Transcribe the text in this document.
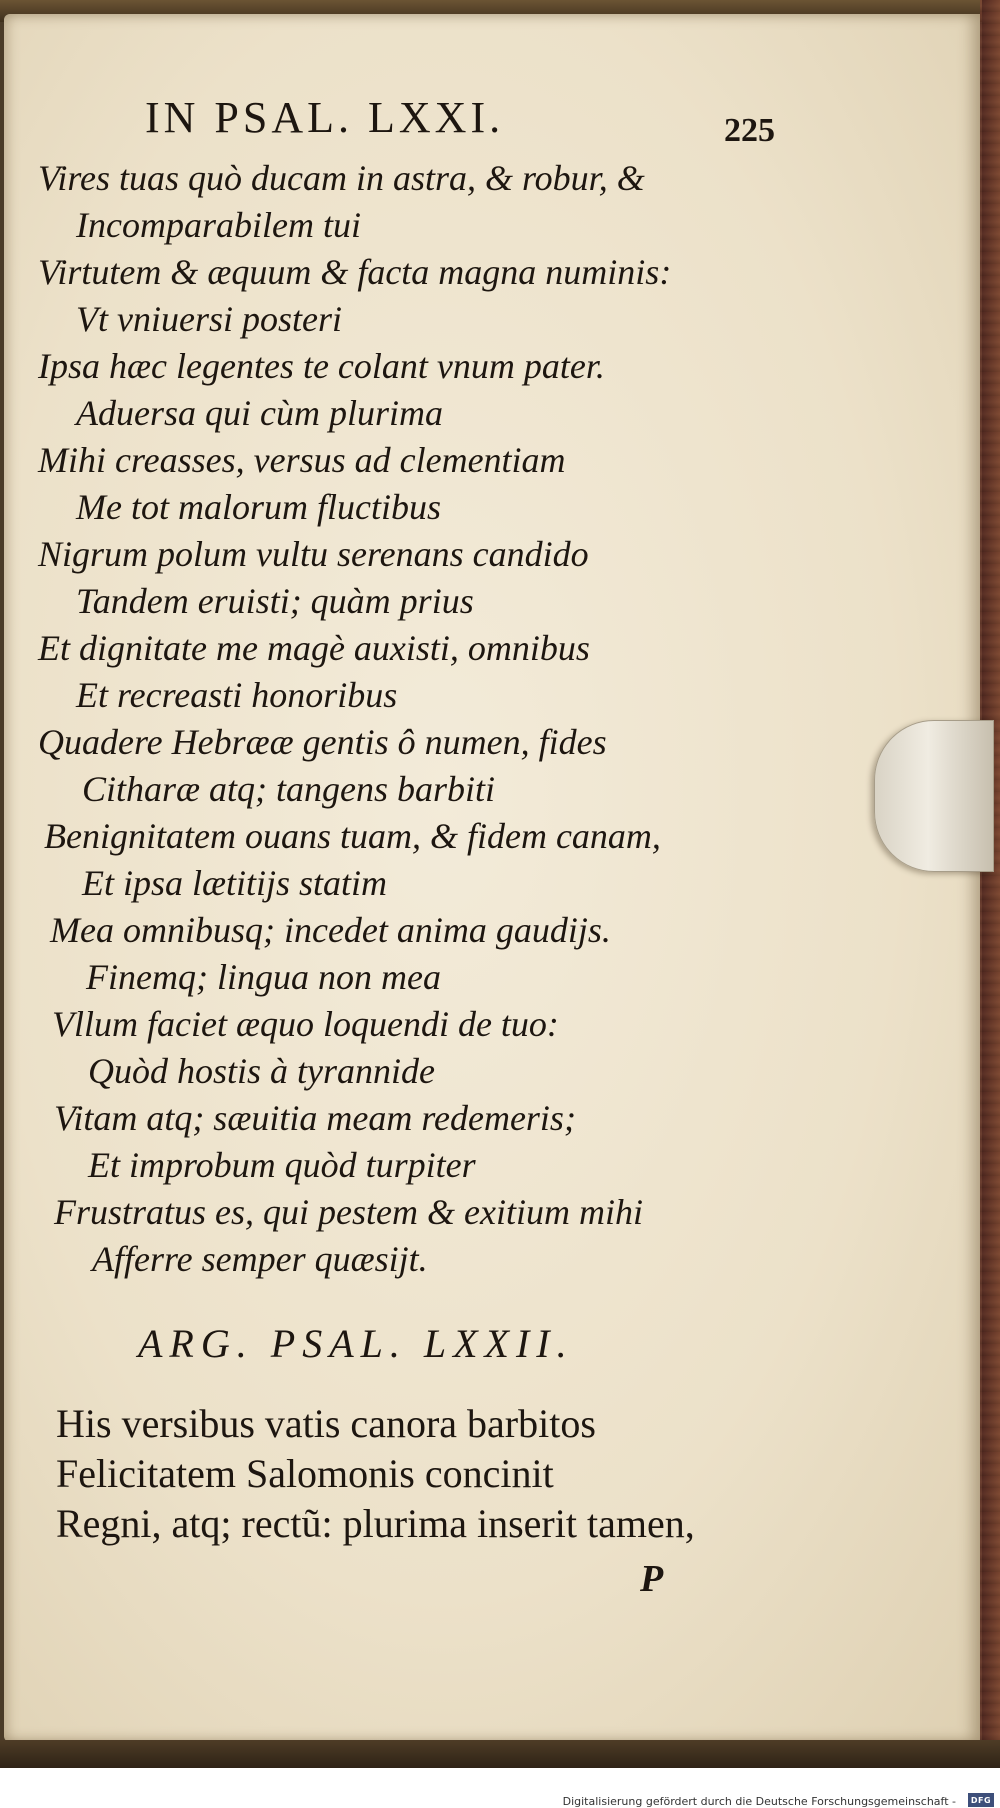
IN PSAL. LXXI.	225
Vires tuas quò ducam in astra, & robur, &
Incomparabilem tui
Virtutem & æquum & facta magna numinis:
Vt vniuersi posteri
Ipsa hæc legentes te colant vnum pater.
Aduersa qui cùm plurima
Mihi creasses, versus ad clementiam
Me tot malorum fluctibus
Nigrum polum vultu serenans candido
Tandem eruisti; quàm prius
Et dignitate me magè auxisti, omnibus
Et recreasti honoribus
Quadere Hebrææ gentis ô numen, fides
Citharæ atq; tangens barbiti
Benignitatem ouans tuam, & fidem canam,
Et ipsa lætitijs statim
Mea omnibusq; incedet anima gaudijs.
Finemq; lingua non mea
Vllum faciet æquo loquendi de tuo:
Quòd hostis à tyrannide
Vitam atq; sæuitia meam redemeris;
Et improbum quòd turpiter
Frustratus es, qui pestem & exitium mihi
Afferre semper quæsijt.
ARG. PSAL. LXXII.
His versibus vatis canora barbitos
Felicitatem Salomonis concinit
Regni, atq; rectũ: plurima inserit tamen,
P
Digitalisierung gefördert durch die Deutsche Forschungsgemeinschaft -	DFG
